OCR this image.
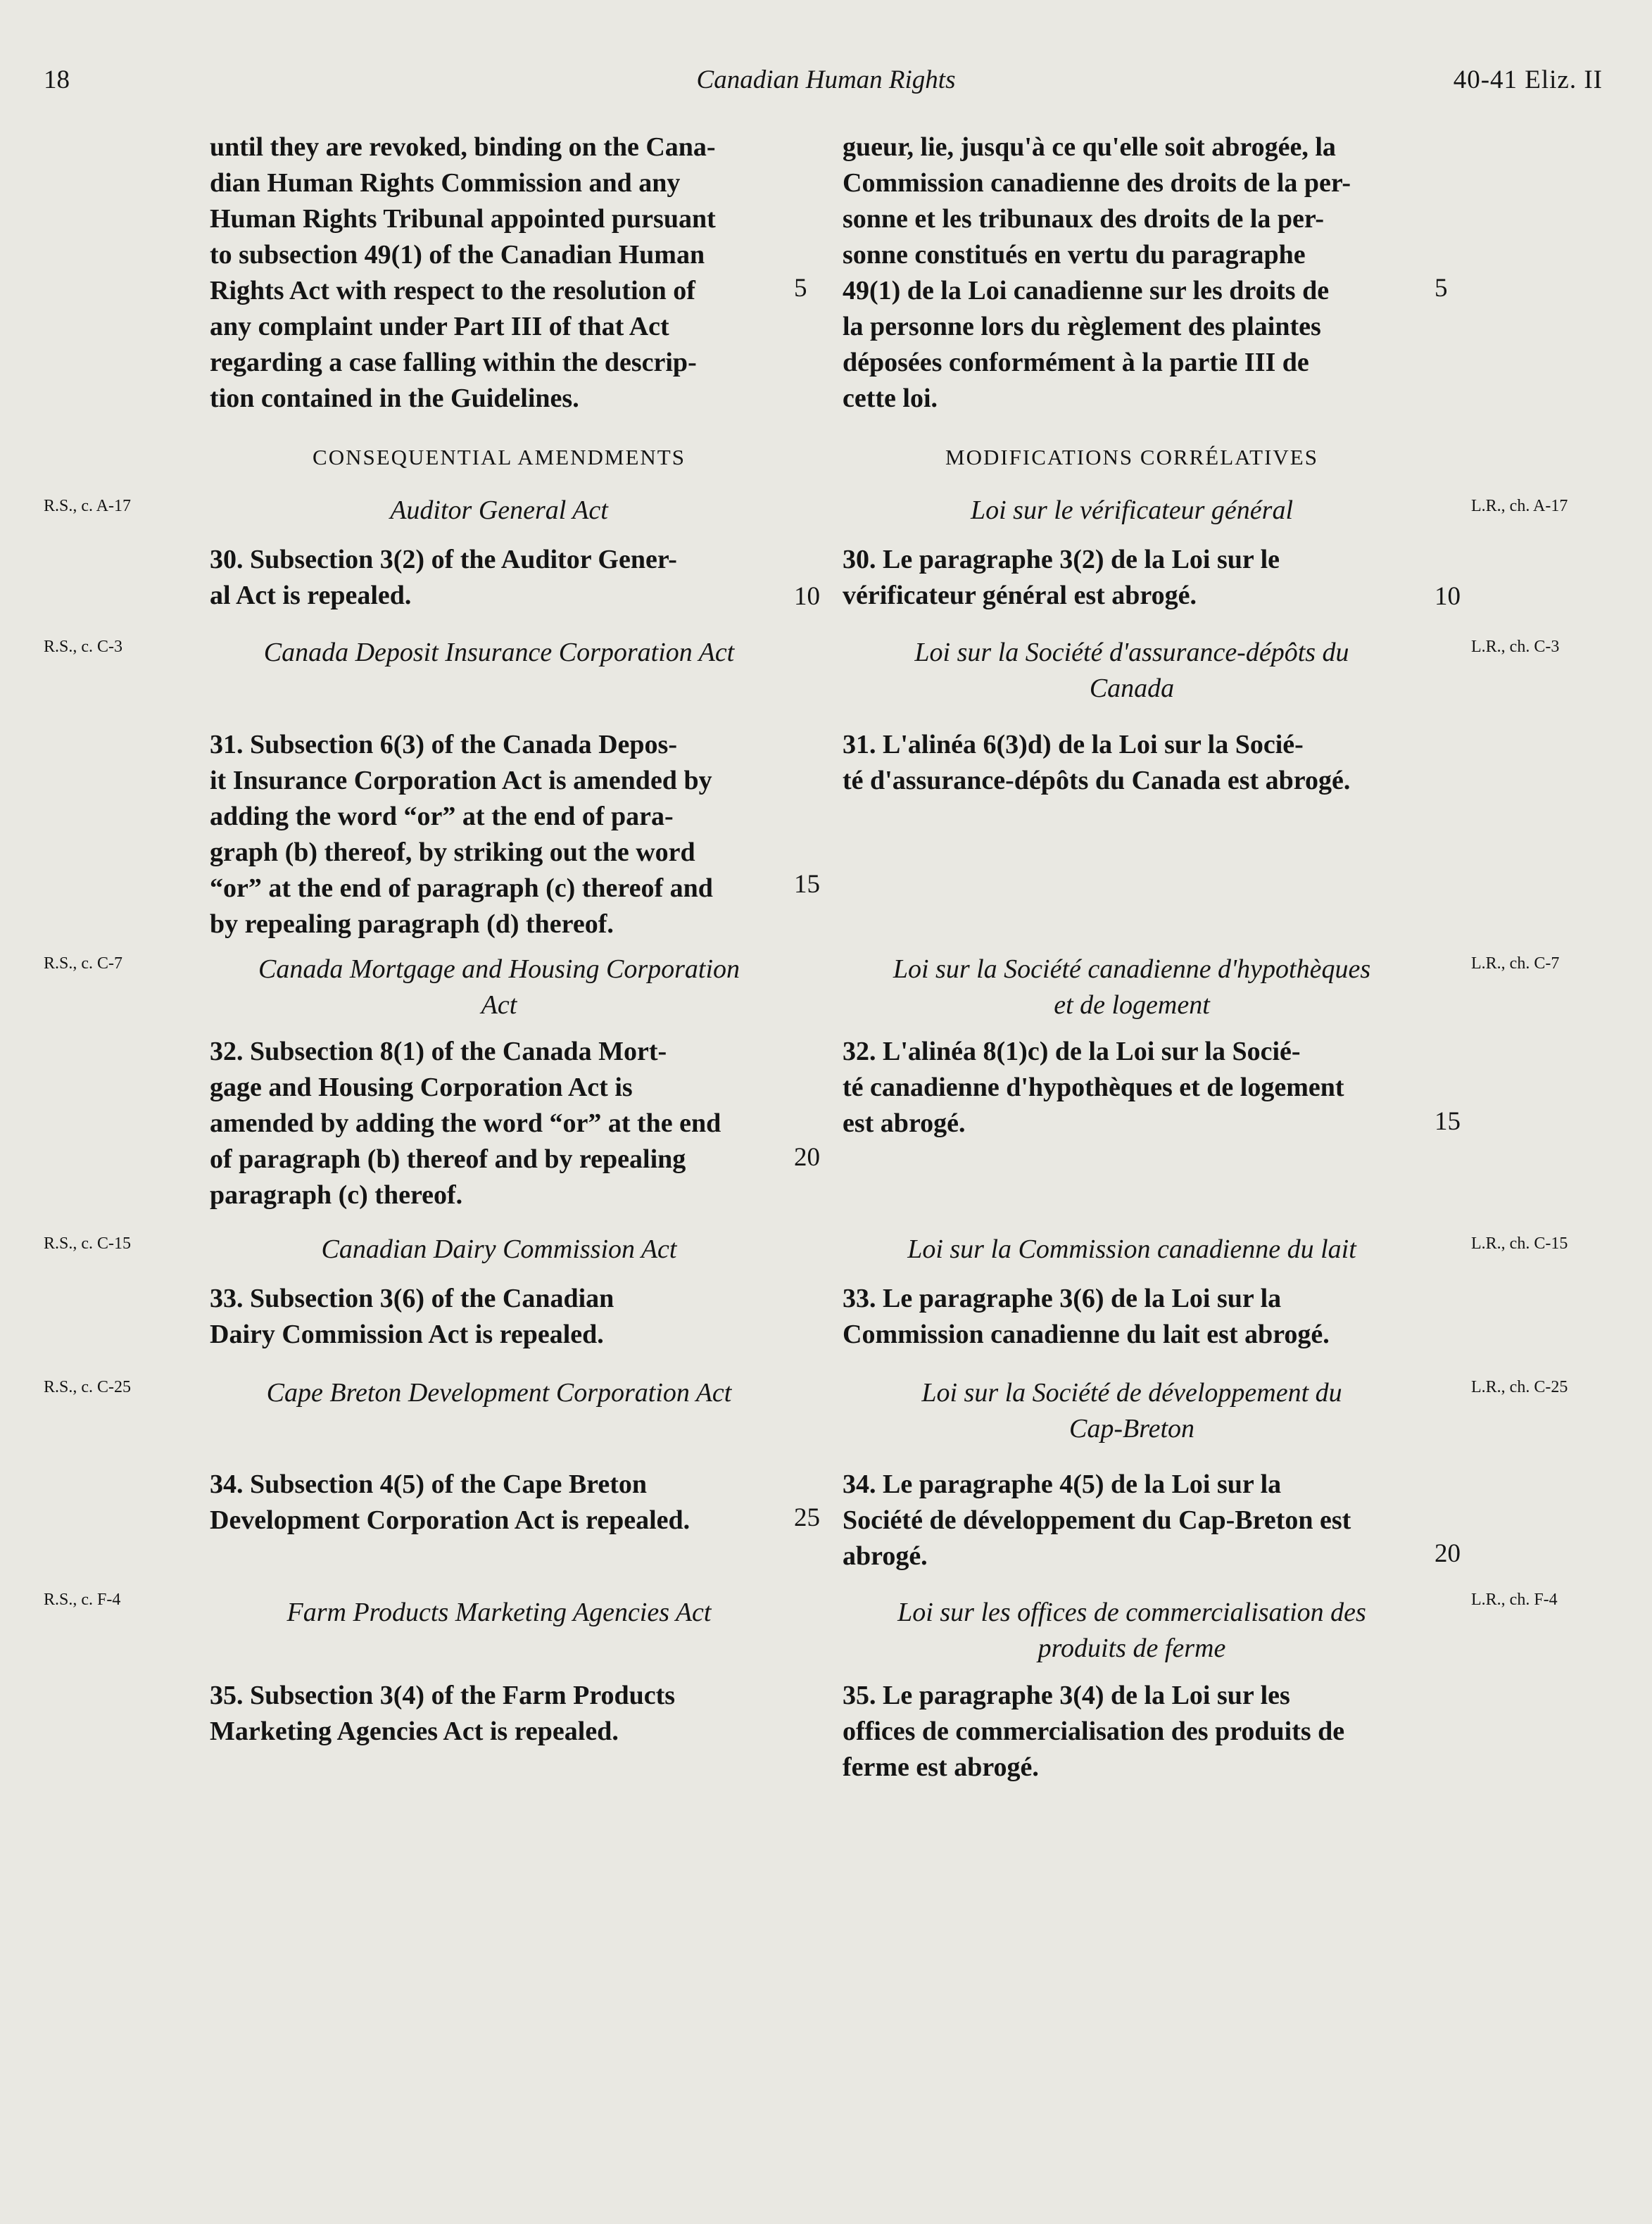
18	Canadian Human Rights	40-41 Eliz. II
until they are revoked, binding on the Cana-
dian Human Rights Commission and any
Human Rights Tribunal appointed pursuant
to subsection 49(1) of the Canadian Human
Rights Act with respect to the resolution of
any complaint under Part III of that Act
regarding a case falling within the descrip-
tion contained in the Guidelines.
gueur, lie, jusqu'à ce qu'elle soit abrogée, la
Commission canadienne des droits de la per-
sonne et les tribunaux des droits de la per-
sonne constitués en vertu du paragraphe
49(1) de la Loi canadienne sur les droits de
la personne lors du règlement des plaintes
déposées conformément à la partie III de
cette loi.
CONSEQUENTIAL AMENDMENTS	MODIFICATIONS CORRÉLATIVES
R.S., c. A-17	L.R., ch. A-17
Auditor General Act	Loi sur le vérificateur général
30. Subsection 3(2) of the Auditor Gener-
al Act is repealed.
30. Le paragraphe 3(2) de la Loi sur le
vérificateur général est abrogé.
R.S., c. C-3	L.R., ch. C-3
Canada Deposit Insurance Corporation Act	Loi sur la Société d'assurance-dépôts du
Canada
31. Subsection 6(3) of the Canada Depos-
it Insurance Corporation Act is amended by
adding the word “or” at the end of para-
graph (b) thereof, by striking out the word
“or” at the end of paragraph (c) thereof and
by repealing paragraph (d) thereof.
31. L'alinéa 6(3)d) de la Loi sur la Socié-
té d'assurance-dépôts du Canada est abrogé.
R.S., c. C-7	L.R., ch. C-7
Canada Mortgage and Housing Corporation
Act
Loi sur la Société canadienne d'hypothèques
et de logement
32. Subsection 8(1) of the Canada Mort-
gage and Housing Corporation Act is
amended by adding the word “or” at the end
of paragraph (b) thereof and by repealing
paragraph (c) thereof.
32. L'alinéa 8(1)c) de la Loi sur la Socié-
té canadienne d'hypothèques et de logement
est abrogé.
R.S., c. C-15	L.R., ch. C-15
Canadian Dairy Commission Act	Loi sur la Commission canadienne du lait
33. Subsection 3(6) of the Canadian
Dairy Commission Act is repealed.
33. Le paragraphe 3(6) de la Loi sur la
Commission canadienne du lait est abrogé.
R.S., c. C-25	L.R., ch. C-25
Cape Breton Development Corporation Act	Loi sur la Société de développement du
Cap-Breton
34. Subsection 4(5) of the Cape Breton
Development Corporation Act is repealed.
34. Le paragraphe 4(5) de la Loi sur la
Société de développement du Cap-Breton est
abrogé.
R.S., c. F-4	L.R., ch. F-4
Farm Products Marketing Agencies Act	Loi sur les offices de commercialisation des
produits de ferme
35. Subsection 3(4) of the Farm Products
Marketing Agencies Act is repealed.
35. Le paragraphe 3(4) de la Loi sur les
offices de commercialisation des produits de
ferme est abrogé.
5
10
15
20
25
5
10
15
20
